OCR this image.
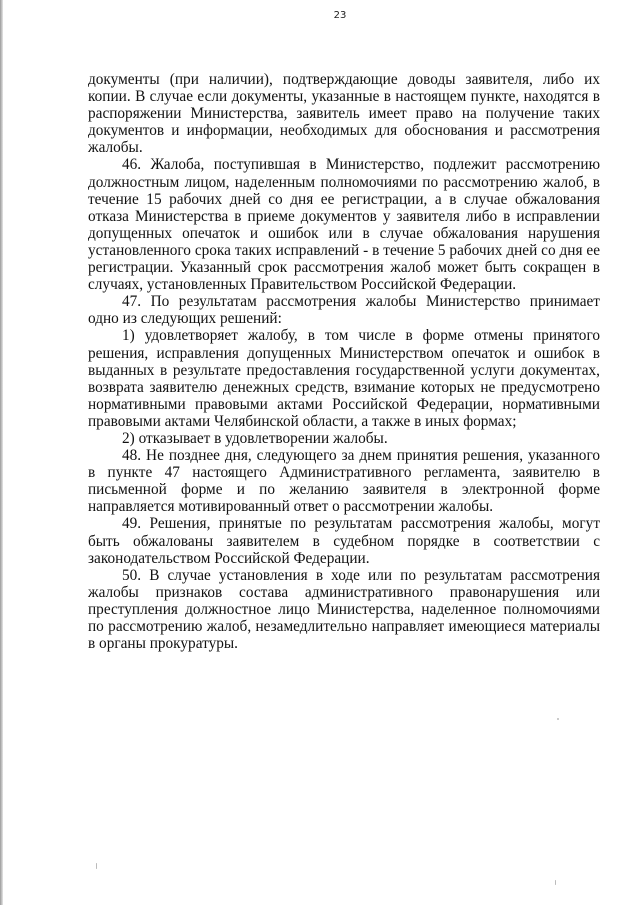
23

документы (при наличии), подтверждающие доводы заявителя, либо их копии. В случае если документы, указанные в настоящем пункте, находятся в распоряжении Министерства, заявитель имеет право на получение таких документов и информации, необходимых для обоснования и рассмотрения жалобы.

46. Жалоба, поступившая в Министерство, подлежит рассмотрению должностным лицом, наделенным полномочиями по рассмотрению жалоб, в течение 15 рабочих дней со дня ее регистрации, а в случае обжалования отказа Министерства в приеме документов у заявителя либо в исправлении допущенных опечаток и ошибок или в случае обжалования нарушения установленного срока таких исправлений - в течение 5 рабочих дней со дня ее регистрации. Указанный срок рассмотрения жалоб может быть сокращен в случаях, установленных Правительством Российской Федерации.

47. По результатам рассмотрения жалобы Министерство принимает одно из следующих решений:

1) удовлетворяет жалобу, в том числе в форме отмены принятого решения, исправления допущенных Министерством опечаток и ошибок в выданных в результате предоставления государственной услуги документах, возврата заявителю денежных средств, взимание которых не предусмотрено нормативными правовыми актами Российской Федерации, нормативными правовыми актами Челябинской области, а также в иных формах;

2) отказывает в удовлетворении жалобы.

48. Не позднее дня, следующего за днем принятия решения, указанного в пункте 47 настоящего Административного регламента, заявителю в письменной форме и по желанию заявителя в электронной форме направляется мотивированный ответ о рассмотрении жалобы.

49. Решения, принятые по результатам рассмотрения жалобы, могут быть обжалованы заявителем в судебном порядке в соответствии с законодательством Российской Федерации.

50. В случае установления в ходе или по результатам рассмотрения жалобы признаков состава административного правонарушения или преступления должностное лицо Министерства, наделенное полномочиями по рассмотрению жалоб, незамедлительно направляет имеющиеся материалы в органы прокуратуры.
